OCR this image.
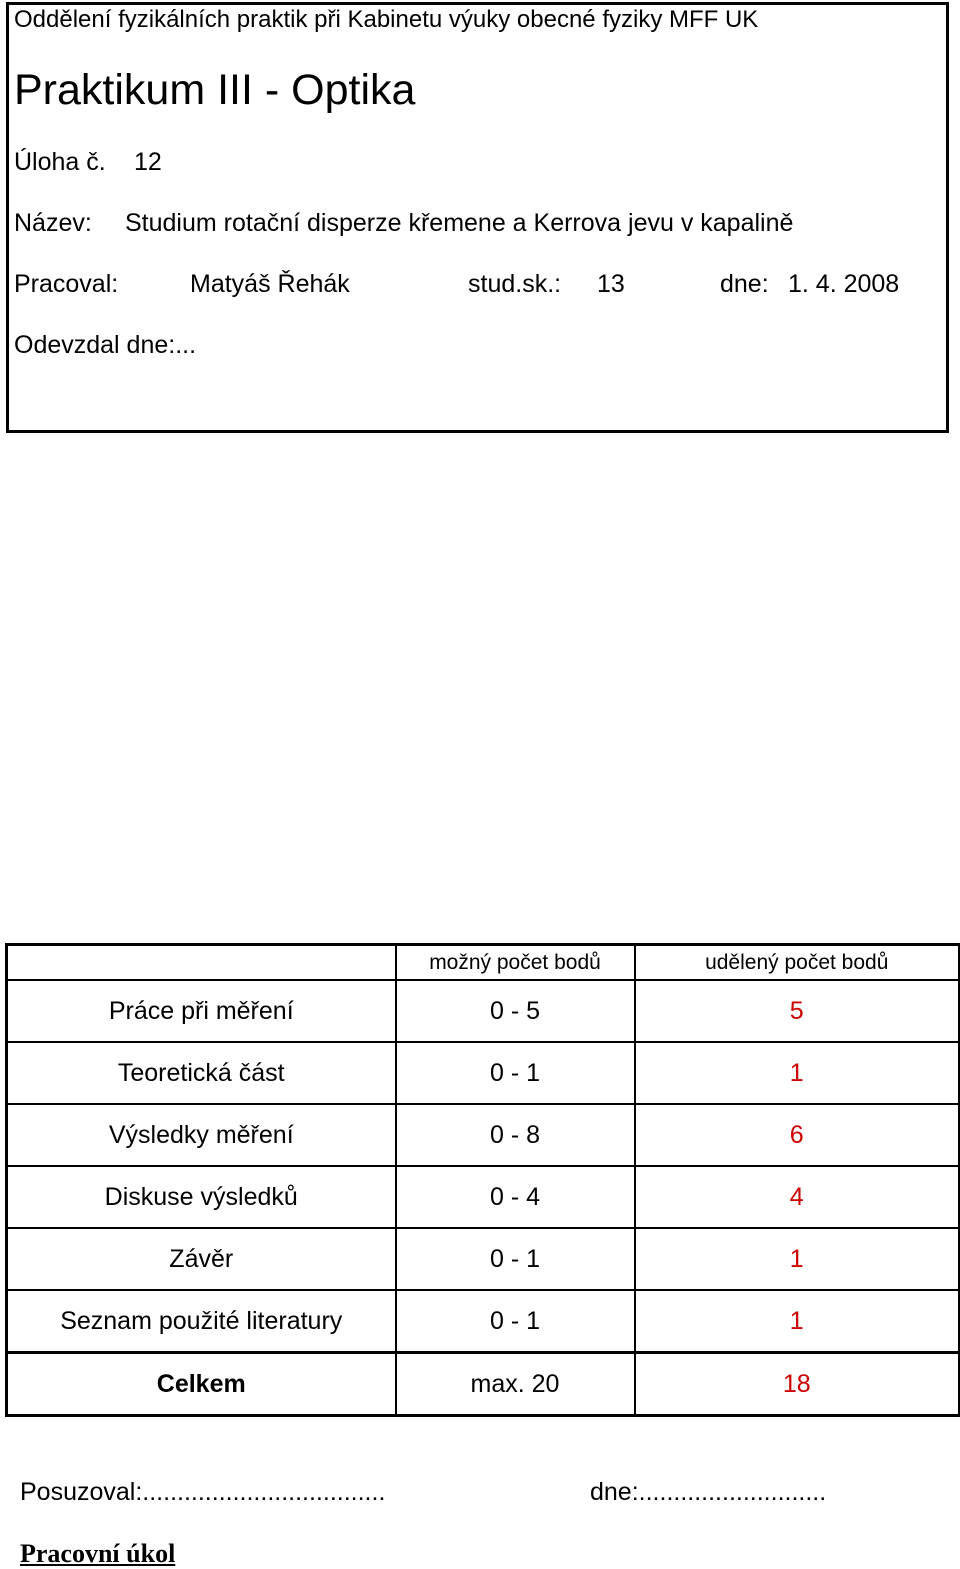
Oddělení fyzikálních praktik při Kabinetu výuky obecné fyziky MFF UK
Praktikum III - Optika
Úloha č. 12
Název: Studium rotační disperze křemene a Kerrova jevu v kapalině
Pracoval:	Matyáš Řehák	stud.sk.: 13	dne: 1. 4. 2008
Odevzdal dne:...
	možný počet bodů	udělený počet bodů
Práce při měření	0 - 5	5
Teoretická část	0 - 1	1
Výsledky měření	0 - 8	6
Diskuse výsledků	0 - 4	4
Závěr	0 - 1	1
Seznam použité literatury	0 - 1	1
Celkem	max. 20	18
Posuzoval:...................................	dne:...........................
Pracovní úkol
